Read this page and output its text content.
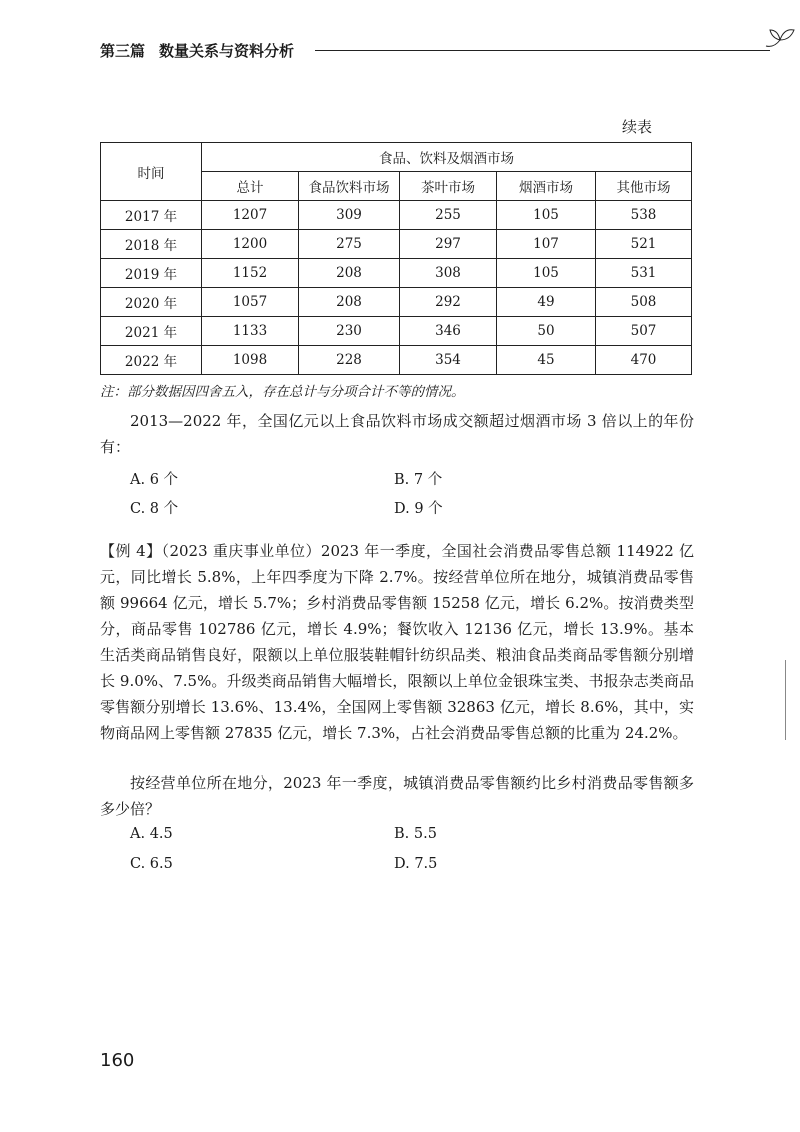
第三篇 数量关系与资料分析
续表
时间	食品、饮料及烟酒市场				
	总计	食品饮料市场	茶叶市场	烟酒市场	其他市场
2017 年	1207	309	255	105	538
2018 年	1200	275	297	107	521
2019 年	1152	208	308	105	531
2020 年	1057	208	292	49	508
2021 年	1133	230	346	50	507
2022 年	1098	228	354	45	470
注：部分数据因四舍五入，存在总计与分项合计不等的情况。
2013—2022 年，全国亿元以上食品饮料市场成交额超过烟酒市场 3 倍以上的年份有：
A. 6 个	B. 7 个
C. 8 个	D. 9 个
【例 4】（2023 重庆事业单位）2023 年一季度，全国社会消费品零售总额 114922 亿元，同比增长 5.8%，上年四季度为下降 2.7%。按经营单位所在地分，城镇消费品零售额 99664 亿元，增长 5.7%；乡村消费品零售额 15258 亿元，增长 6.2%。按消费类型分，商品零售 102786 亿元，增长 4.9%；餐饮收入 12136 亿元，增长 13.9%。基本生活类商品销售良好，限额以上单位服装鞋帽针纺织品类、粮油食品类商品零售额分别增长 9.0%、7.5%。升级类商品销售大幅增长，限额以上单位金银珠宝类、书报杂志类商品零售额分别增长 13.6%、13.4%，全国网上零售额 32863 亿元，增长 8.6%，其中，实物商品网上零售额 27835 亿元，增长 7.3%，占社会消费品零售总额的比重为 24.2%。
按经营单位所在地分，2023 年一季度，城镇消费品零售额约比乡村消费品零售额多多少倍？
A. 4.5	B. 5.5
C. 6.5	D. 7.5
160
